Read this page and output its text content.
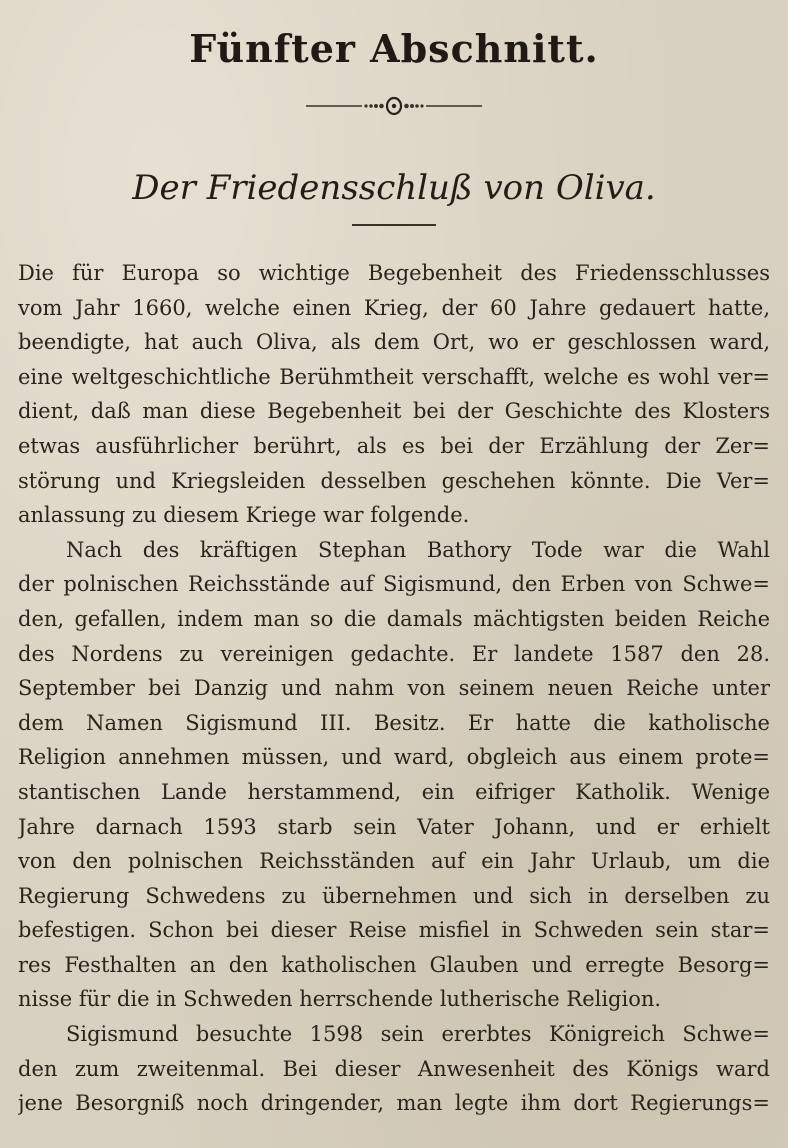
Fünfter Abschnitt.
Der Friedensschluß von Oliva.
Die für Europa so wichtige Begebenheit des Friedensschlusses
vom Jahr 1660, welche einen Krieg, der 60 Jahre gedauert hatte,
beendigte, hat auch Oliva, als dem Ort, wo er geschlossen ward,
eine weltgeschichtliche Berühmtheit verschafft, welche es wohl ver=
dient, daß man diese Begebenheit bei der Geschichte des Klosters
etwas ausführlicher berührt, als es bei der Erzählung der Zer=
störung und Kriegsleiden desselben geschehen könnte. Die Ver=
anlassung zu diesem Kriege war folgende.
Nach des kräftigen Stephan Bathory Tode war die Wahl
der polnischen Reichsstände auf Sigismund, den Erben von Schwe=
den, gefallen, indem man so die damals mächtigsten beiden Reiche
des Nordens zu vereinigen gedachte. Er landete 1587 den 28.
September bei Danzig und nahm von seinem neuen Reiche unter
dem Namen Sigismund III. Besitz. Er hatte die katholische
Religion annehmen müssen, und ward, obgleich aus einem prote=
stantischen Lande herstammend, ein eifriger Katholik. Wenige
Jahre darnach 1593 starb sein Vater Johann, und er erhielt
von den polnischen Reichsständen auf ein Jahr Urlaub, um die
Regierung Schwedens zu übernehmen und sich in derselben zu
befestigen. Schon bei dieser Reise misfiel in Schweden sein star=
res Festhalten an den katholischen Glauben und erregte Besorg=
nisse für die in Schweden herrschende lutherische Religion.
Sigismund besuchte 1598 sein ererbtes Königreich Schwe=
den zum zweitenmal. Bei dieser Anwesenheit des Königs ward
jene Besorgniß noch dringender, man legte ihm dort Regierungs=
